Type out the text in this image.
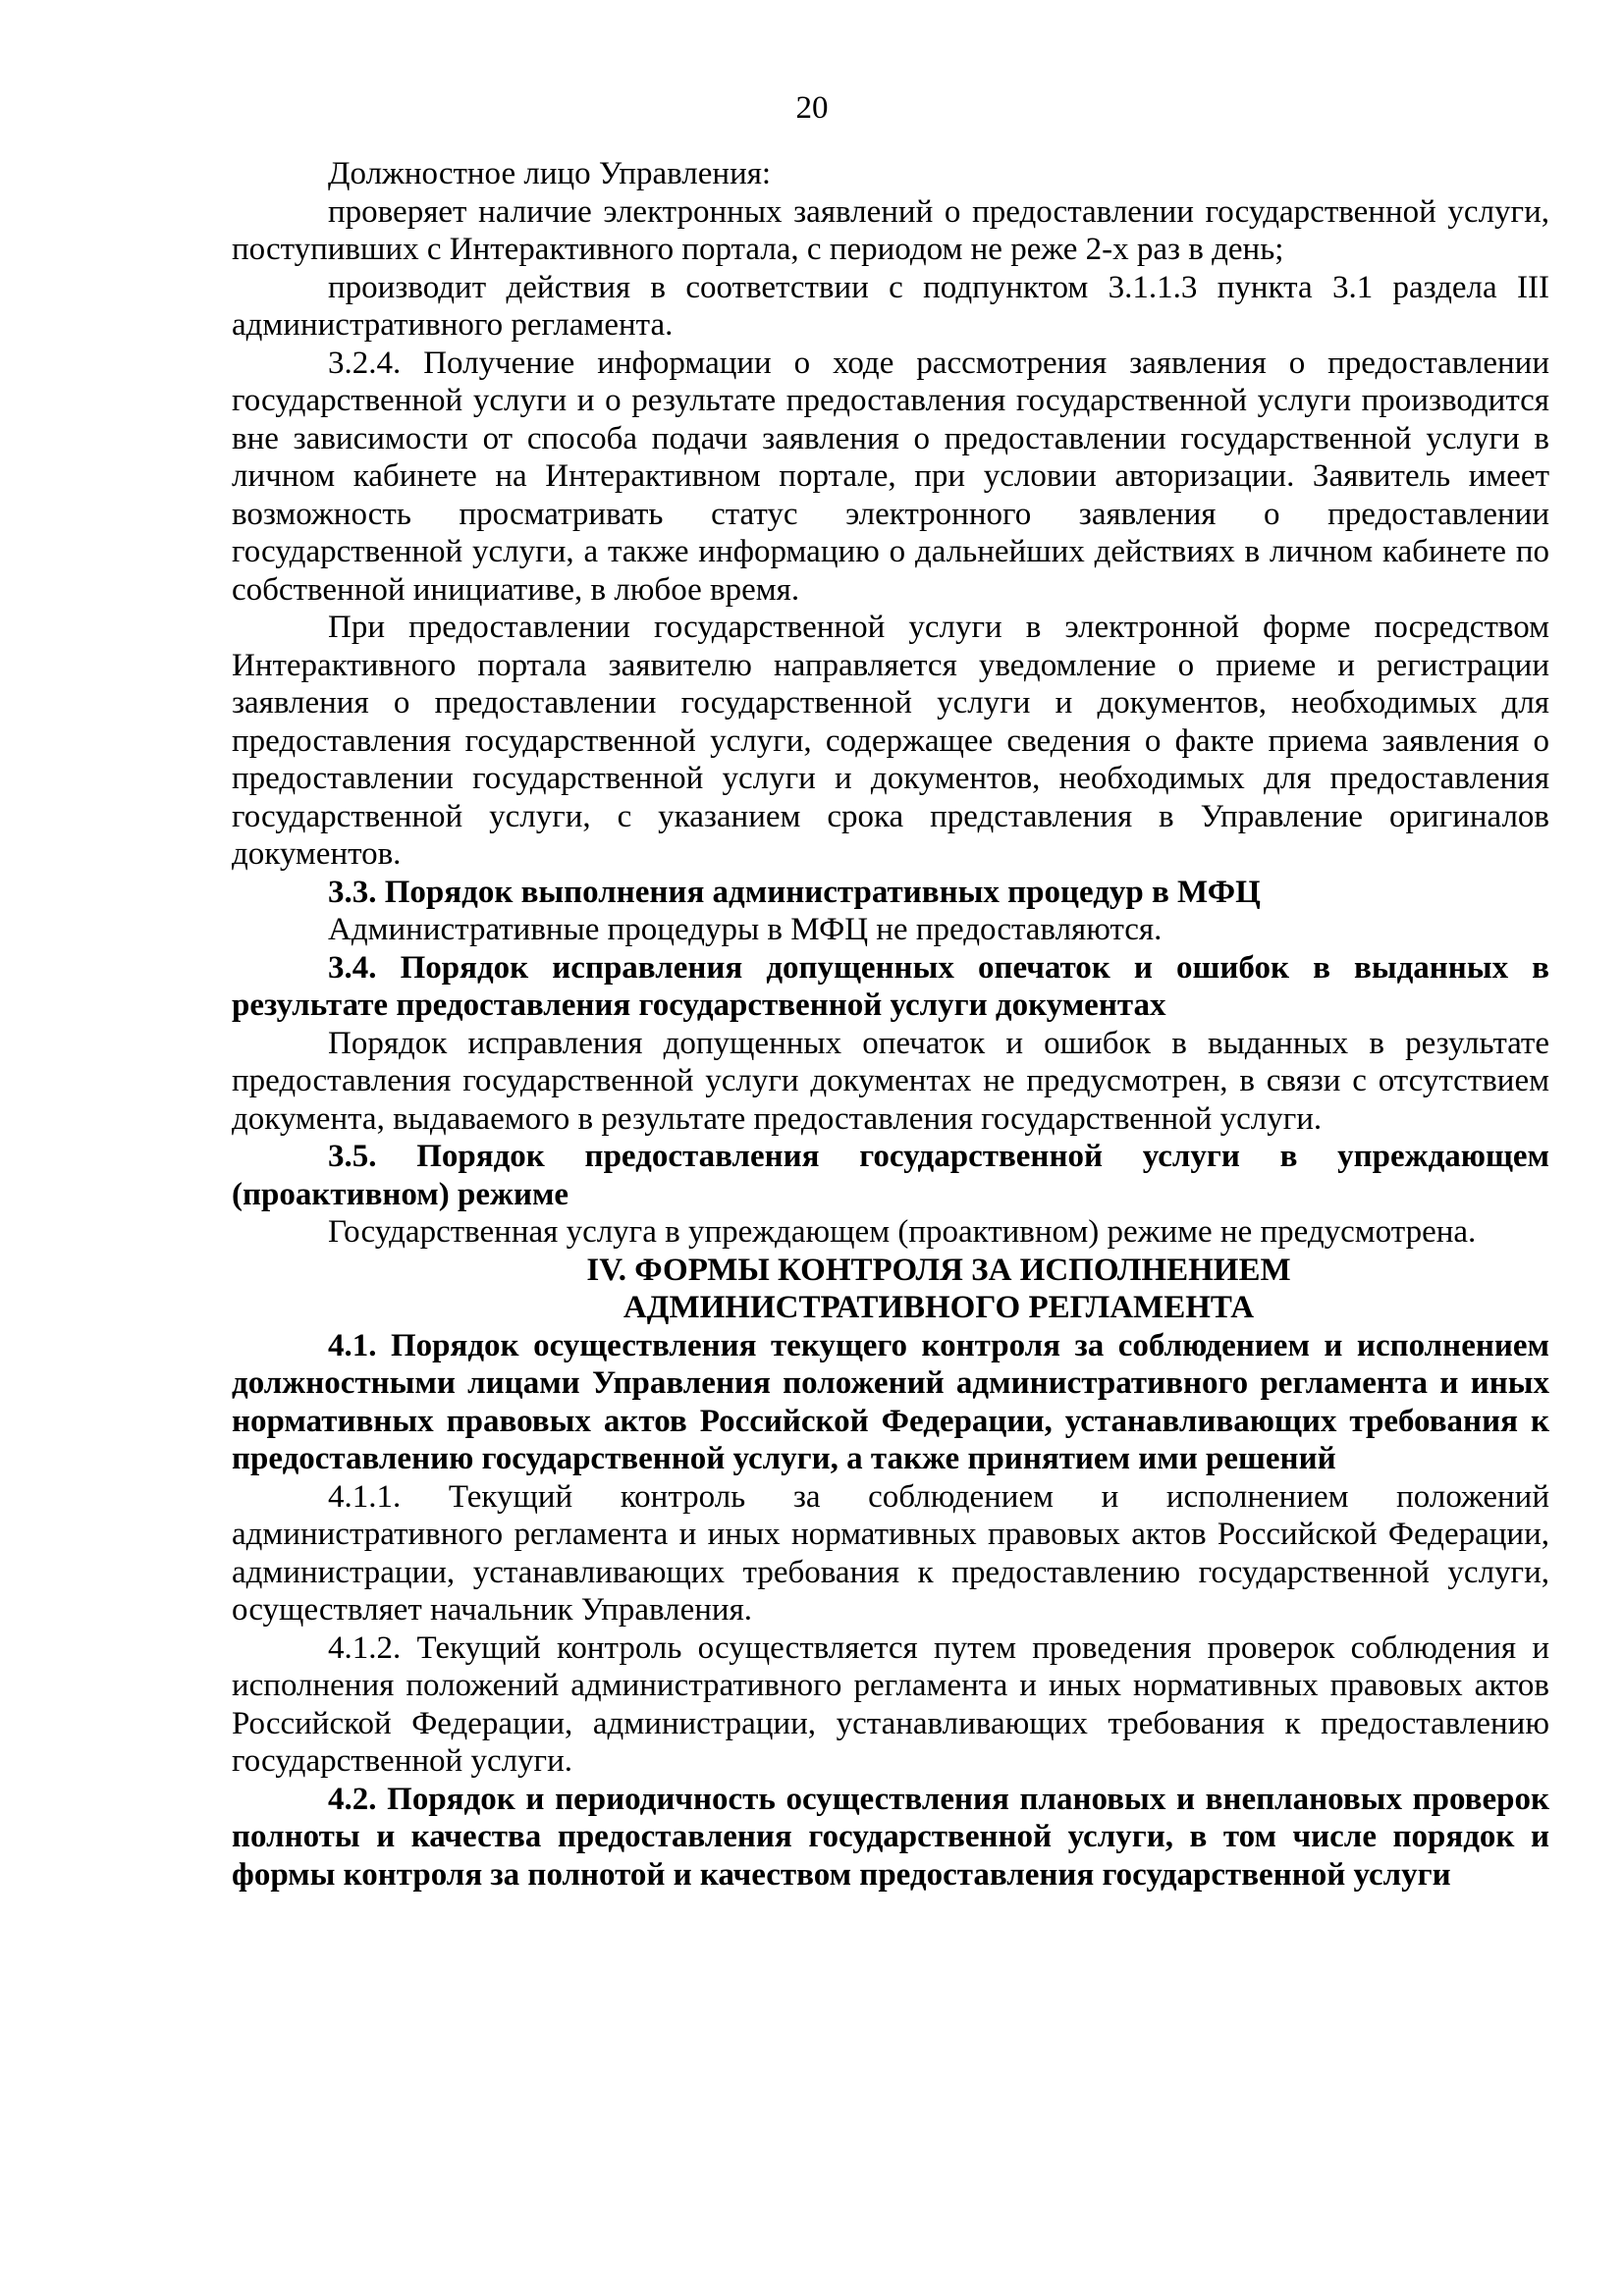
20

Должностное лицо Управления:

проверяет наличие электронных заявлений о предоставлении государственной услуги, поступивших с Интерактивного портала, с периодом не реже 2-х раз в день;

производит действия в соответствии с подпунктом 3.1.1.3 пункта 3.1 раздела III административного регламента.

3.2.4. Получение информации о ходе рассмотрения заявления о предоставлении государственной услуги и о результате предоставления государственной услуги производится вне зависимости от способа подачи заявления о предоставлении государственной услуги в личном кабинете на Интерактивном портале, при условии авторизации. Заявитель имеет возможность просматривать статус электронного заявления о предоставлении государственной услуги, а также информацию о дальнейших действиях в личном кабинете по собственной инициативе, в любое время.

При предоставлении государственной услуги в электронной форме посредством Интерактивного портала заявителю направляется уведомление о приеме и регистрации заявления о предоставлении государственной услуги и документов, необходимых для предоставления государственной услуги, содержащее сведения о факте приема заявления о предоставлении государственной услуги и документов, необходимых для предоставления государственной услуги, с указанием срока представления в Управление оригиналов документов.

3.3. Порядок выполнения административных процедур в МФЦ

Административные процедуры в МФЦ не предоставляются.

3.4. Порядок исправления допущенных опечаток и ошибок в выданных в результате предоставления государственной услуги документах

Порядок исправления допущенных опечаток и ошибок в выданных в результате предоставления государственной услуги документах не предусмотрен, в связи с отсутствием документа, выдаваемого в результате предоставления государственной услуги.

3.5. Порядок предоставления государственной услуги в упреждающем (проактивном) режиме

Государственная услуга в упреждающем (проактивном) режиме не предусмотрена.

IV. ФОРМЫ КОНТРОЛЯ ЗА ИСПОЛНЕНИЕМ
АДМИНИСТРАТИВНОГО РЕГЛАМЕНТА

4.1. Порядок осуществления текущего контроля за соблюдением и исполнением должностными лицами Управления положений административного регламента и иных нормативных правовых актов Российской Федерации, устанавливающих требования к предоставлению государственной услуги, а также принятием ими решений

4.1.1. Текущий контроль за соблюдением и исполнением положений административного регламента и иных нормативных правовых актов Российской Федерации, администрации, устанавливающих требования к предоставлению государственной услуги, осуществляет начальник Управления.

4.1.2. Текущий контроль осуществляется путем проведения проверок соблюдения и исполнения положений административного регламента и иных нормативных правовых актов Российской Федерации, администрации, устанавливающих требования к предоставлению государственной услуги.

4.2. Порядок и периодичность осуществления плановых и внеплановых проверок полноты и качества предоставления государственной услуги, в том числе порядок и формы контроля за полнотой и качеством предоставления государственной услуги
